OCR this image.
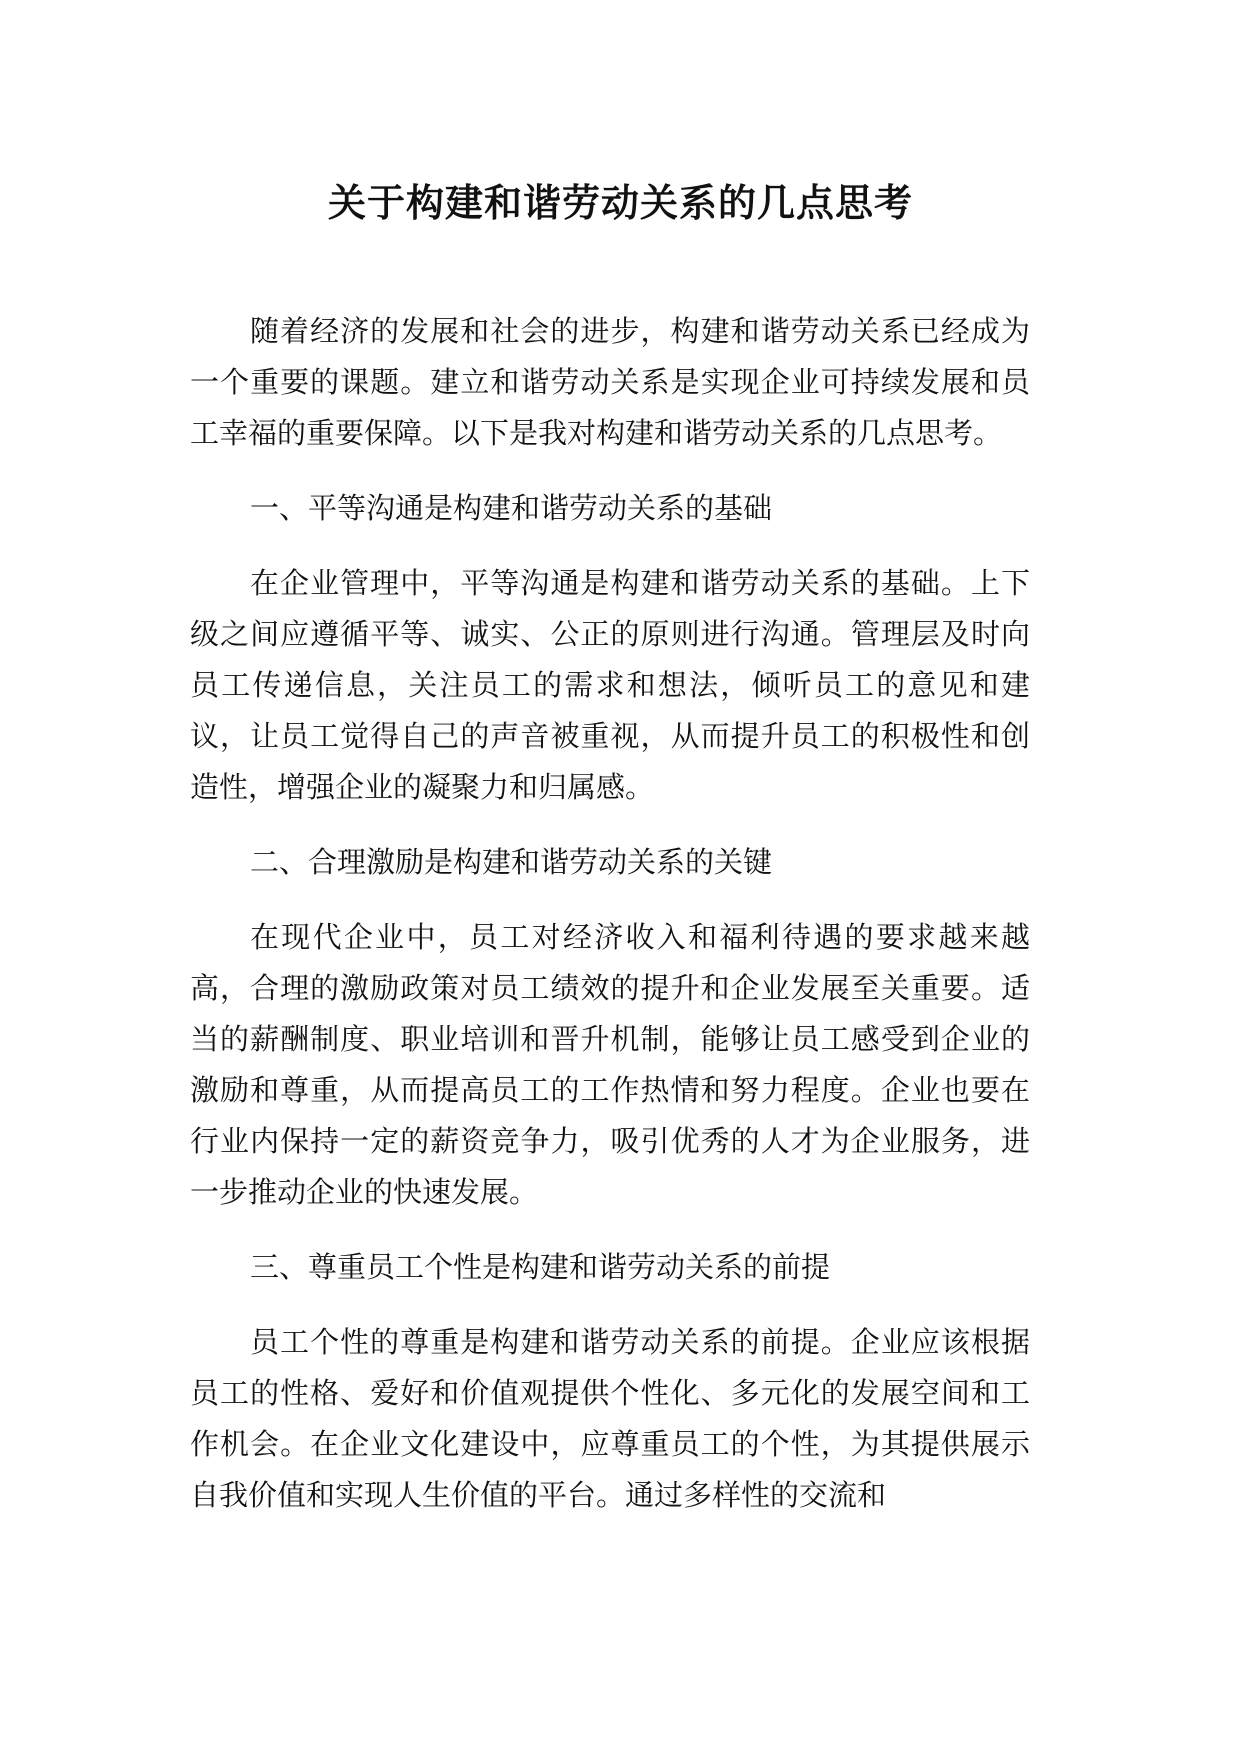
关于构建和谐劳动关系的几点思考

随着经济的发展和社会的进步，构建和谐劳动关系已经成为一个重要的课题。建立和谐劳动关系是实现企业可持续发展和员工幸福的重要保障。以下是我对构建和谐劳动关系的几点思考。

一、平等沟通是构建和谐劳动关系的基础

在企业管理中，平等沟通是构建和谐劳动关系的基础。上下级之间应遵循平等、诚实、公正的原则进行沟通。管理层及时向员工传递信息，关注员工的需求和想法，倾听员工的意见和建议，让员工觉得自己的声音被重视，从而提升员工的积极性和创造性，增强企业的凝聚力和归属感。

二、合理激励是构建和谐劳动关系的关键

在现代企业中，员工对经济收入和福利待遇的要求越来越高，合理的激励政策对员工绩效的提升和企业发展至关重要。适当的薪酬制度、职业培训和晋升机制，能够让员工感受到企业的激励和尊重，从而提高员工的工作热情和努力程度。企业也要在行业内保持一定的薪资竞争力，吸引优秀的人才为企业服务，进一步推动企业的快速发展。

三、尊重员工个性是构建和谐劳动关系的前提

员工个性的尊重是构建和谐劳动关系的前提。企业应该根据员工的性格、爱好和价值观提供个性化、多元化的发展空间和工作机会。在企业文化建设中，应尊重员工的个性，为其提供展示自我价值和实现人生价值的平台。通过多样性的交流和
